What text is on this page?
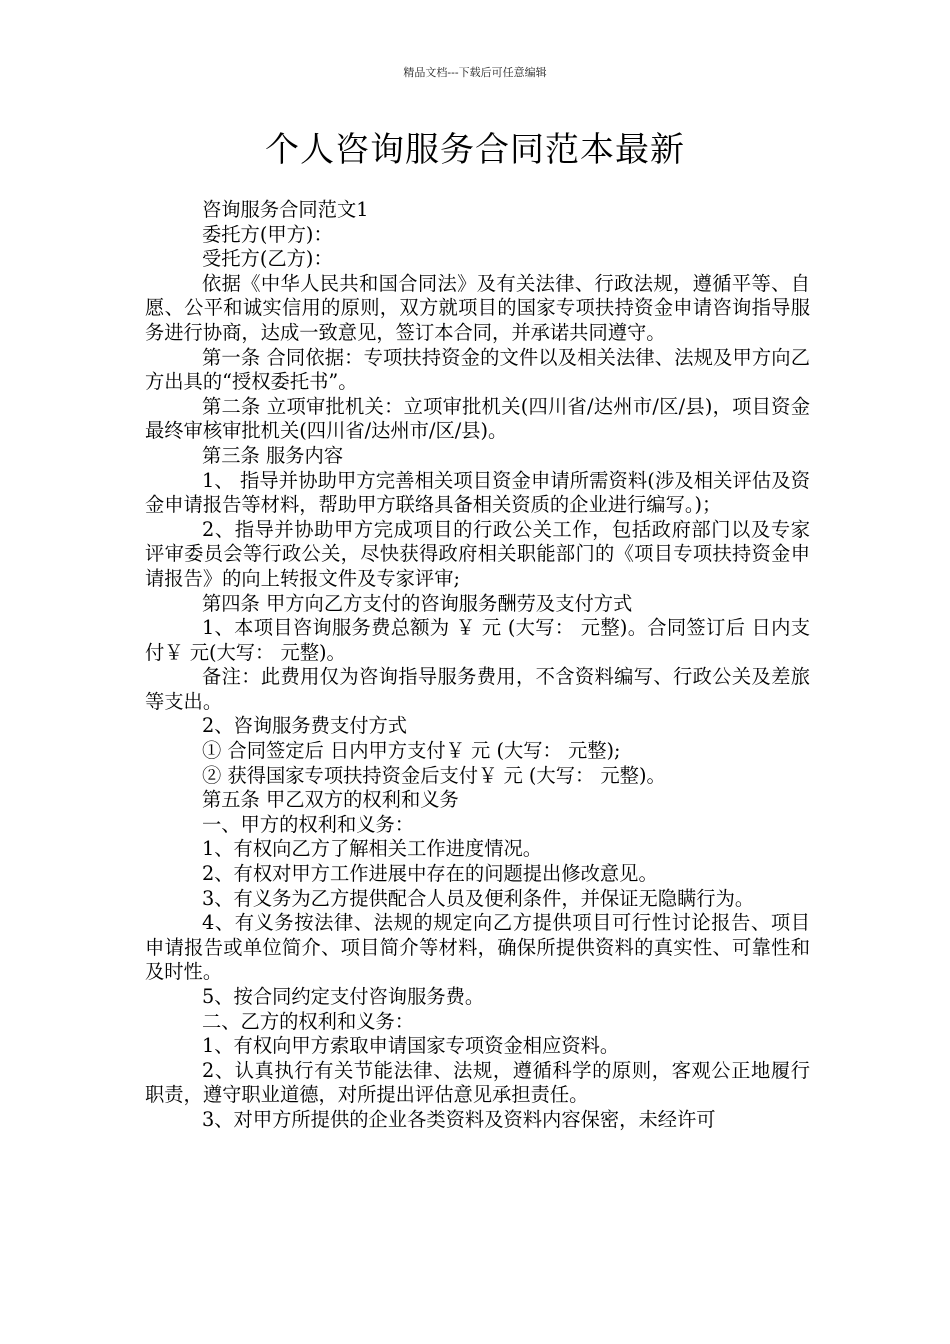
精品文档---下载后可任意编辑
个人咨询服务合同范本最新

咨询服务合同范文1

委托方(甲方)：

受托方(乙方)：

依据《中华人民共和国合同法》及有关法律、行政法规，遵循平等、自愿、公平和诚实信用的原则，双方就项目的国家专项扶持资金申请咨询指导服务进行协商，达成一致意见，签订本合同，并承诺共同遵守。

第一条 合同依据：专项扶持资金的文件以及相关法律、法规及甲方向乙方出具的“授权委托书”。

第二条 立项审批机关：立项审批机关(四川省/达州市/区/县)，项目资金最终审核审批机关(四川省/达州市/区/县)。

第三条 服务内容

1、 指导并协助甲方完善相关项目资金申请所需资料(涉及相关评估及资金申请报告等材料，帮助甲方联络具备相关资质的企业进行编写。)；

2、指导并协助甲方完成项目的行政公关工作，包括政府部门以及专家评审委员会等行政公关，尽快获得政府相关职能部门的《项目专项扶持资金申请报告》的向上转报文件及专家评审;

第四条 甲方向乙方支付的咨询服务酬劳及支付方式

1、本项目咨询服务费总额为 ￥ 元 (大写： 元整)。合同签订后 日内支付￥ 元(大写： 元整)。

备注：此费用仅为咨询指导服务费用，不含资料编写、行政公关及差旅等支出。

2、咨询服务费支付方式

① 合同签定后 日内甲方支付￥ 元 (大写： 元整);

② 获得国家专项扶持资金后支付￥ 元 (大写： 元整)。

第五条 甲乙双方的权利和义务

一、甲方的权利和义务：

1、有权向乙方了解相关工作进度情况。

2、有权对甲方工作进展中存在的问题提出修改意见。

3、有义务为乙方提供配合人员及便利条件，并保证无隐瞒行为。

4、有义务按法律、法规的规定向乙方提供项目可行性讨论报告、项目申请报告或单位简介、项目简介等材料，确保所提供资料的真实性、可靠性和及时性。

5、按合同约定支付咨询服务费。

二、乙方的权利和义务：

1、有权向甲方索取申请国家专项资金相应资料。

2、认真执行有关节能法律、法规，遵循科学的原则，客观公正地履行职责，遵守职业道德，对所提出评估意见承担责任。

3、对甲方所提供的企业各类资料及资料内容保密，未经许可
